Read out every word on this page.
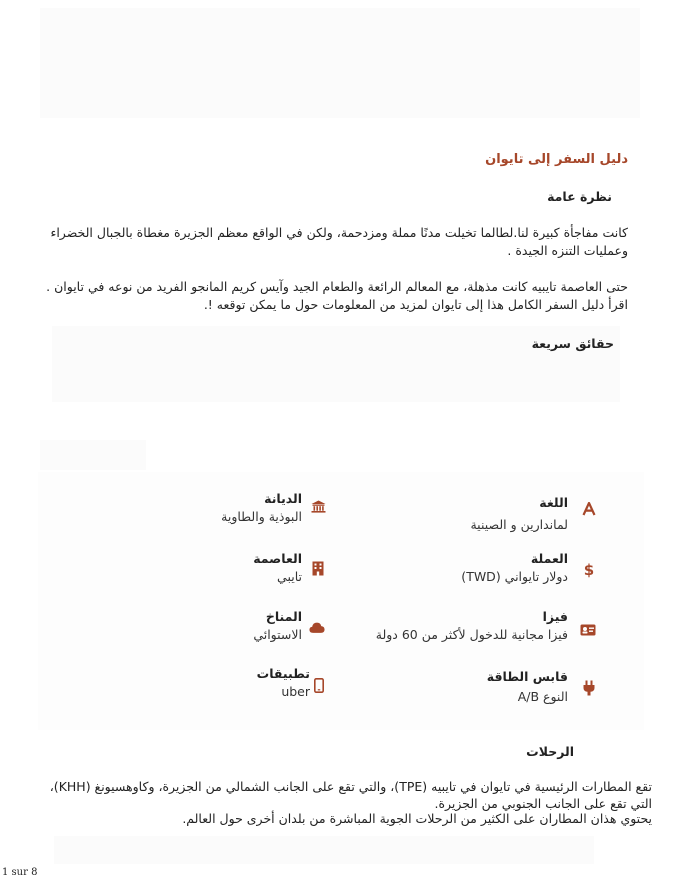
دليل السفر إلى تايوان
نظرة عامة
كانت مفاجأة كبيرة لنا.لطالما تخيلت مدنًا مملة ومزدحمة، ولكن في الواقع معظم الجزيرة مغطاة بالجبال الخضراء وعمليات التنزه الجيدة .
حتى العاصمة تايبيه كانت مذهلة، مع المعالم الرائعة والطعام الجيد وآيس كريم المانجو الفريد من نوعه في تايوان . اقرأ دليل السفر الكامل هذا إلى تايوان لمزيد من المعلومات حول ما يمكن توقعه !.
حقائق سريعة
اللغة
لماندارين و الصينية
العملة
دولار تايواني (TWD) $
فيزا
فيزا مجانية للدخول لأكثر من 60 دولة
قابس الطاقة
النوع A/B
الديانة
البوذية والطاوية
العاصمة
تايبي
المناخ
الاستوائي
تطبيقات
uber
الرحلات
تقع المطارات الرئيسية في تايوان في تايبيه (TPE)، والتي تقع على الجانب الشمالي من الجزيرة، وكاوهسيونغ (KHH)،
التي تقع على الجانب الجنوبي من الجزيرة.
يحتوي هذان المطاران على الكثير من الرحلات الجوية المباشرة من بلدان أخرى حول العالم.
1 sur 8
